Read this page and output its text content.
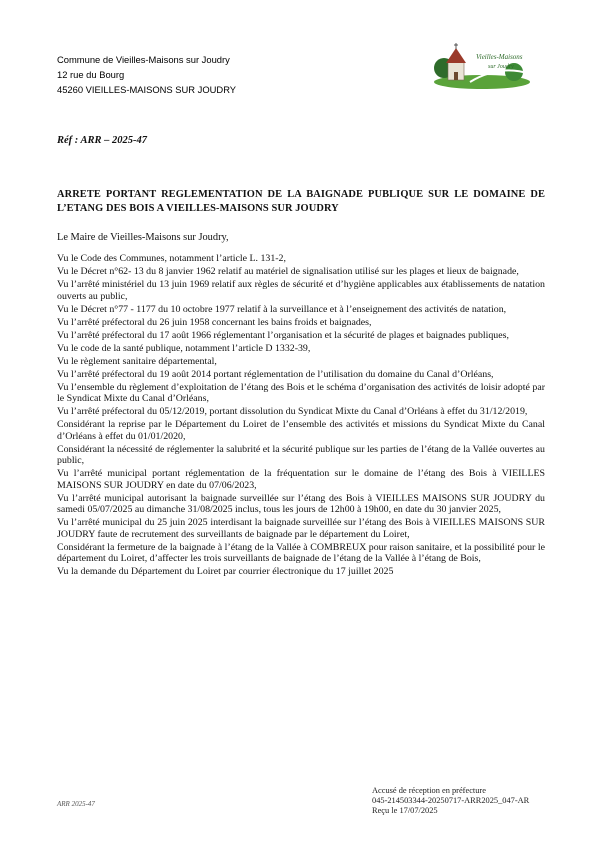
Commune de Vieilles-Maisons sur Joudry
12 rue du Bourg
45260 VIEILLES-MAISONS SUR JOUDRY
Vieilles-Maisons
sur Joudry
Réf : ARR – 2025-47
ARRETE PORTANT REGLEMENTATION DE LA BAIGNADE PUBLIQUE SUR LE DOMAINE DE L’ETANG DES BOIS A VIEILLES-MAISONS SUR JOUDRY
Le Maire de Vieilles-Maisons sur Joudry,

Vu le Code des Communes, notamment l’article L. 131-2,

Vu le Décret n°62- 13 du 8 janvier 1962 relatif au matériel de signalisation utilisé sur les plages et lieux de baignade,

Vu l’arrêté ministériel du 13 juin 1969 relatif aux règles de sécurité et d’hygiène applicables aux établissements de natation ouverts au public,

Vu le Décret n°77 - 1177 du 10 octobre 1977 relatif à la surveillance et à l’enseignement des activités de natation,

Vu l’arrêté préfectoral du 26 juin 1958 concernant les bains froids et baignades,

Vu l’arrêté préfectoral du 17 août 1966 réglementant l’organisation et la sécurité de plages et baignades publiques,

Vu le code de la santé publique, notamment l’article D 1332-39,

Vu le règlement sanitaire départemental,

Vu l’arrêté préfectoral du 19 août 2014 portant réglementation de l’utilisation du domaine du Canal d’Orléans,

Vu l’ensemble du règlement d’exploitation de l’étang des Bois et le schéma d’organisation des activités de loisir adopté par le Syndicat Mixte du Canal d’Orléans,

Vu l’arrêté préfectoral du 05/12/2019, portant dissolution du Syndicat Mixte du Canal d’Orléans à effet du 31/12/2019,

Considérant la reprise par le Département du Loiret de l’ensemble des activités et missions du Syndicat Mixte du Canal d’Orléans à effet du 01/01/2020,

Considérant la nécessité de réglementer la salubrité et la sécurité publique sur les parties de l’étang de la Vallée ouvertes au public,

Vu l’arrêté municipal portant réglementation de la fréquentation sur le domaine de l’étang des Bois à VIEILLES MAISONS SUR JOUDRY en date du 07/06/2023,

Vu l’arrêté municipal autorisant la baignade surveillée sur l’étang des Bois à VIEILLES MAISONS SUR JOUDRY du samedi 05/07/2025 au dimanche 31/08/2025 inclus, tous les jours de 12h00 à 19h00, en date du 30 janvier 2025,

Vu l’arrêté municipal du 25 juin 2025 interdisant la baignade surveillée sur l’étang des Bois à VIEILLES MAISONS SUR JOUDRY faute de recrutement des surveillants de baignade par le département du Loiret,

Considérant la fermeture de la baignade à l’étang de la Vallée à COMBREUX pour raison sanitaire, et la possibilité pour le département du Loiret, d’affecter les trois surveillants de baignade de l’étang de la Vallée à l’étang de Bois,

Vu la demande du Département du Loiret par courrier électronique du 17 juillet 2025

ARR 2025-47
Accusé de réception en préfecture
045-214503344-20250717-ARR2025_047-AR
Reçu le 17/07/2025
